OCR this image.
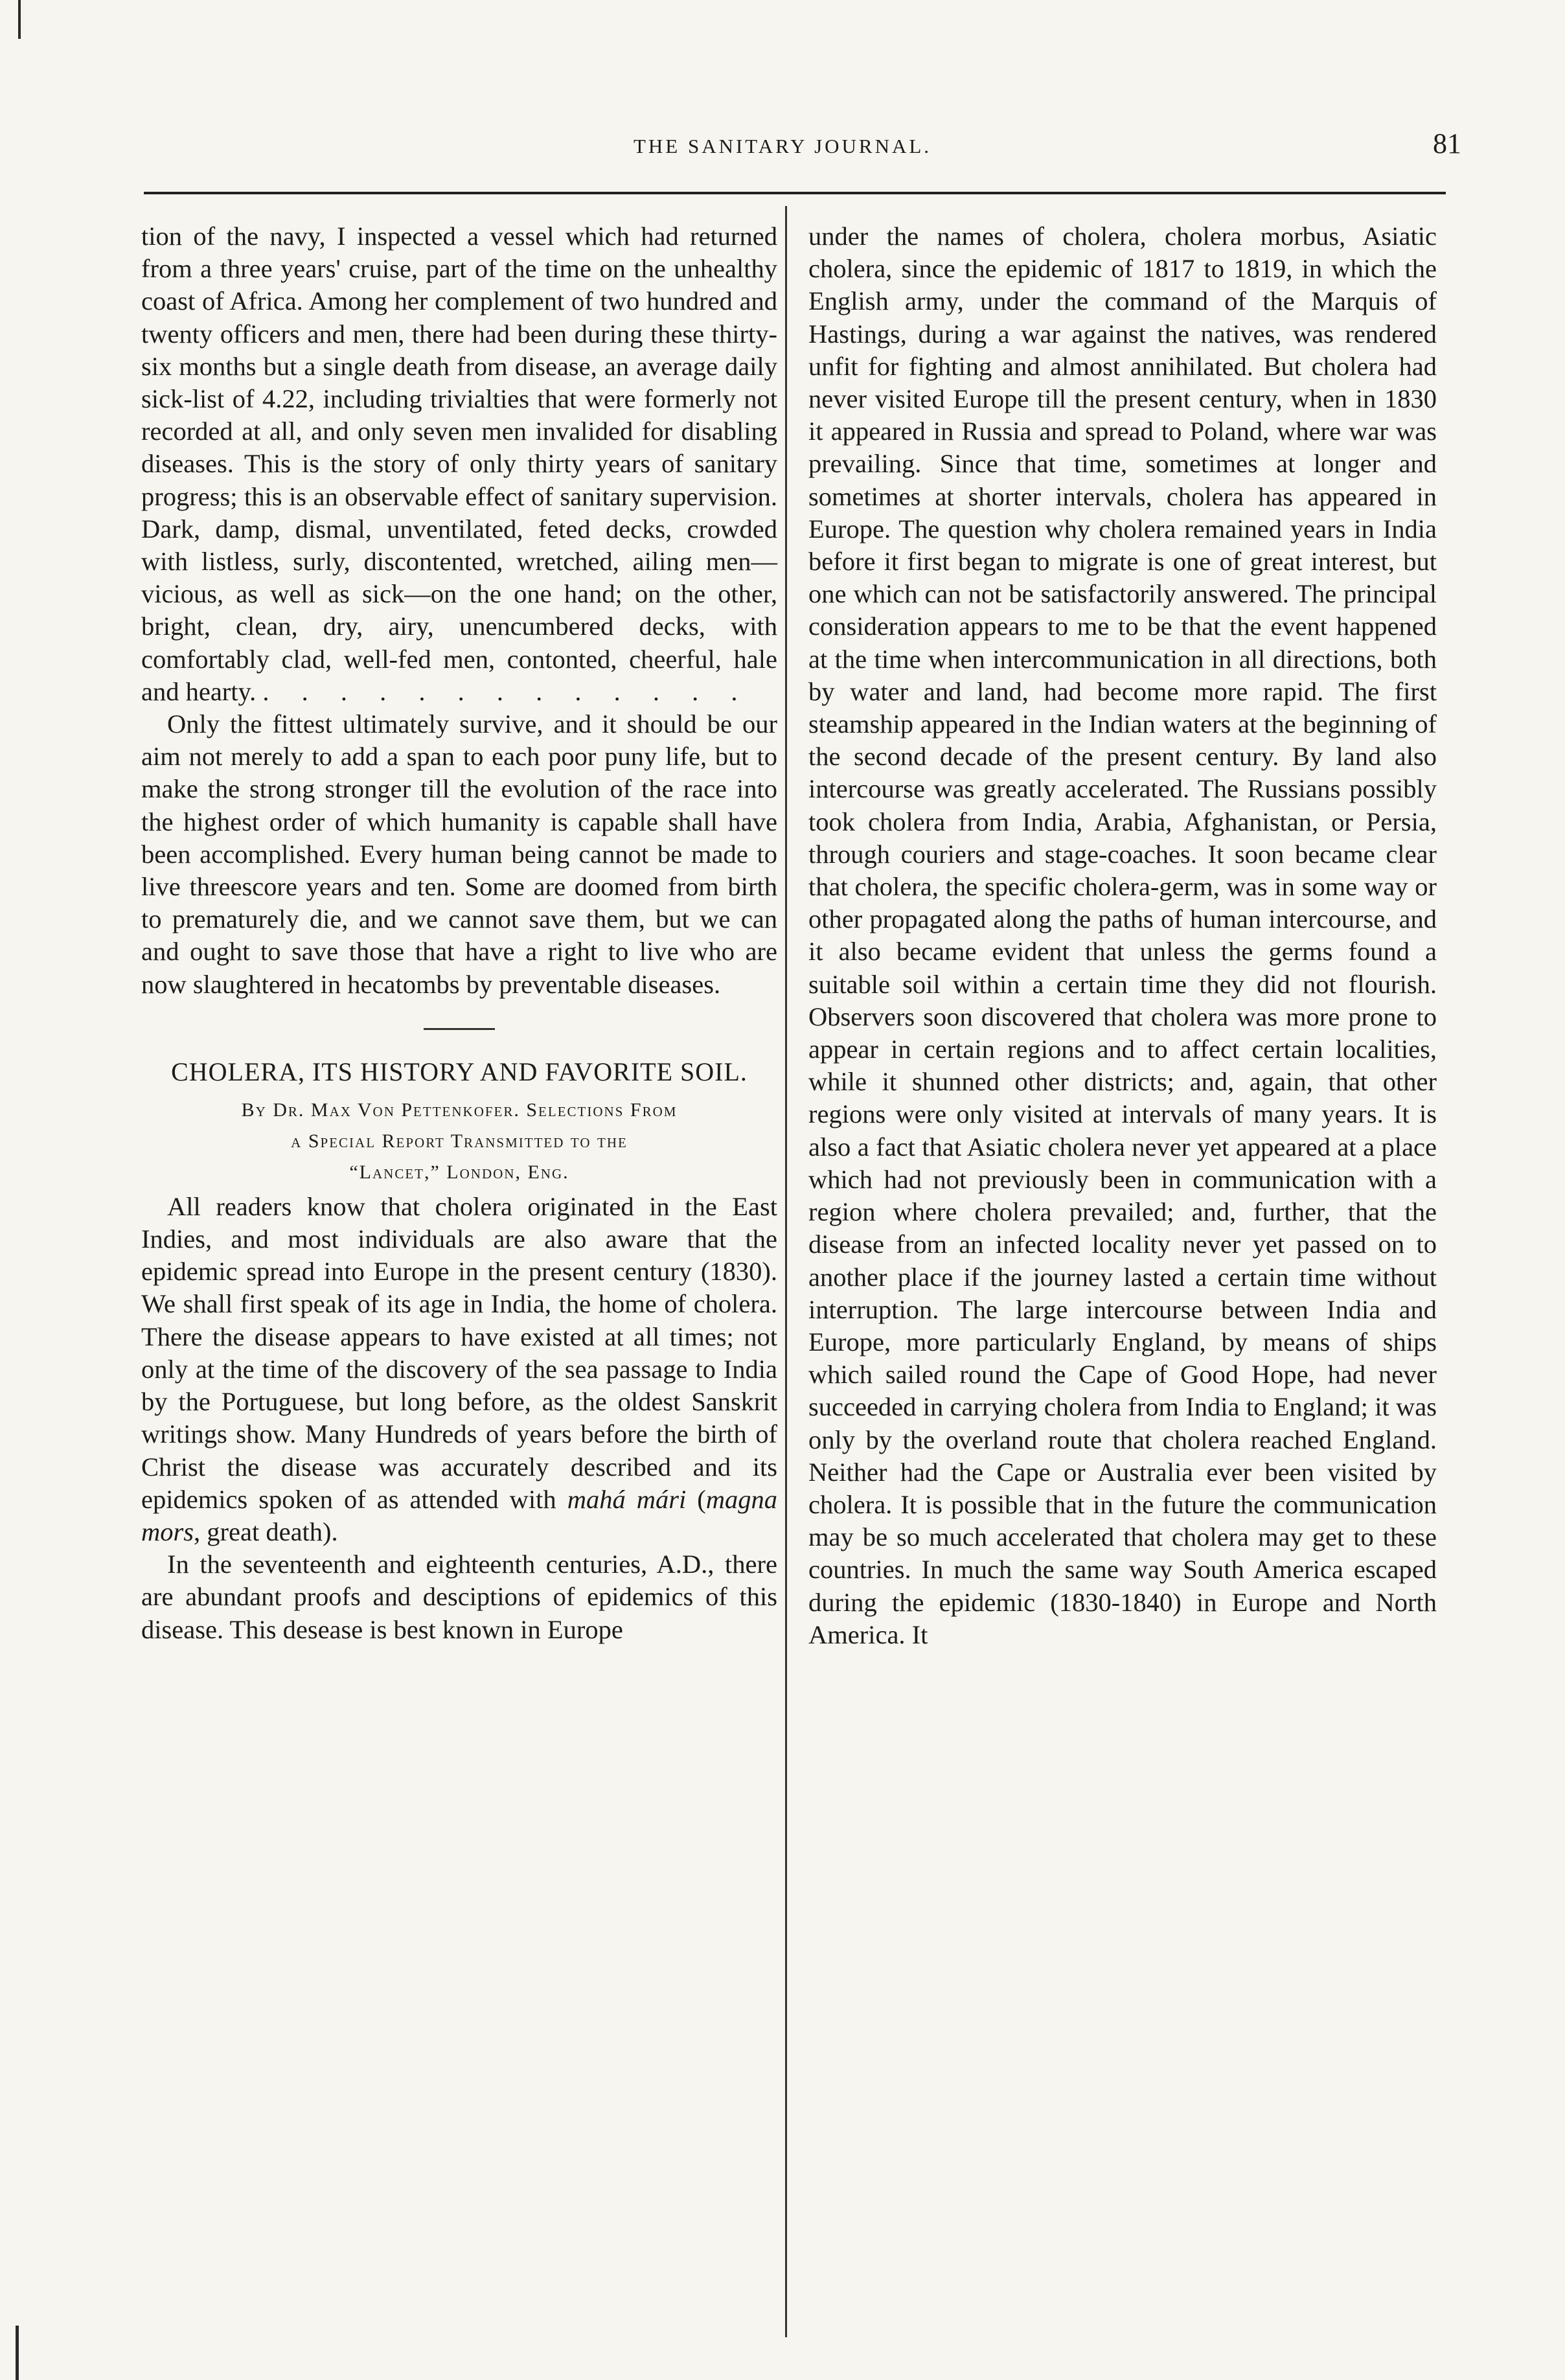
THE SANITARY JOURNAL.	81

tion of the navy, I inspected a vessel which had returned from a three years' cruise, part of the time on the unhealthy coast of Africa. Among her complement of two hundred and twenty officers and men, there had been during these thirty-six months but a single death from disease, an average daily sick-list of 4.22, including trivialties that were formerly not recorded at all, and only seven men invalided for disabling diseases. This is the story of only thirty years of sanitary progress; this is an observable effect of sanitary supervision. Dark, damp, dismal, unventilated, feted decks, crowded with listless, surly, discontented, wretched, ailing men—vicious, as well as sick—on the one hand; on the other, bright, clean, dry, airy, unencumbered decks, with comfortably clad, well-fed men, contonted, cheerful, hale and hearty. . . . . . . . . . . . . .

Only the fittest ultimately survive, and it should be our aim not merely to add a span to each poor puny life, but to make the strong stronger till the evolution of the race into the highest order of which humanity is capable shall have been accomplished. Every human being cannot be made to live threescore years and ten. Some are doomed from birth to prematurely die, and we cannot save them, but we can and ought to save those that have a right to live who are now slaughtered in hecatombs by preventable diseases.

CHOLERA, ITS HISTORY AND FAVORITE SOIL.

By Dr. Max Von Pettenkofer. Selections From
a Special Report Transmitted to the
“Lancet,” London, Eng.

All readers know that cholera originated in the East Indies, and most individuals are also aware that the epidemic spread into Europe in the present century (1830). We shall first speak of its age in India, the home of cholera. There the disease appears to have existed at all times; not only at the time of the discovery of the sea passage to India by the Portuguese, but long before, as the oldest Sanskrit writings show. Many Hundreds of years before the birth of Christ the disease was accurately described and its epidemics spoken of as attended with mahá mári (magna mors, great death).

In the seventeenth and eighteenth centuries, A.D., there are abundant proofs and desciptions of epidemics of this disease. This desease is best known in Europe

under the names of cholera, cholera morbus, Asiatic cholera, since the epidemic of 1817 to 1819, in which the English army, under the command of the Marquis of Hastings, during a war against the natives, was rendered unfit for fighting and almost annihilated. But cholera had never visited Europe till the present century, when in 1830 it appeared in Russia and spread to Poland, where war was prevailing. Since that time, sometimes at longer and sometimes at shorter intervals, cholera has appeared in Europe. The question why cholera remained years in India before it first began to migrate is one of great interest, but one which can not be satisfactorily answered. The principal consideration appears to me to be that the event happened at the time when intercommunication in all directions, both by water and land, had become more rapid. The first steamship appeared in the Indian waters at the beginning of the second decade of the present century. By land also intercourse was greatly accelerated. The Russians possibly took cholera from India, Arabia, Afghanistan, or Persia, through couriers and stage-coaches. It soon became clear that cholera, the specific cholera-germ, was in some way or other propagated along the paths of human intercourse, and it also became evident that unless the germs found a suitable soil within a certain time they did not flourish. Observers soon discovered that cholera was more prone to appear in certain regions and to affect certain localities, while it shunned other districts; and, again, that other regions were only visited at intervals of many years. It is also a fact that Asiatic cholera never yet appeared at a place which had not previously been in communication with a region where cholera prevailed; and, further, that the disease from an infected locality never yet passed on to another place if the journey lasted a certain time without interruption. The large intercourse between India and Europe, more particularly England, by means of ships which sailed round the Cape of Good Hope, had never succeeded in carrying cholera from India to England; it was only by the overland route that cholera reached England. Neither had the Cape or Australia ever been visited by cholera. It is possible that in the future the communication may be so much accelerated that cholera may get to these countries. In much the same way South America escaped during the epidemic (1830-1840) in Europe and North America. It
